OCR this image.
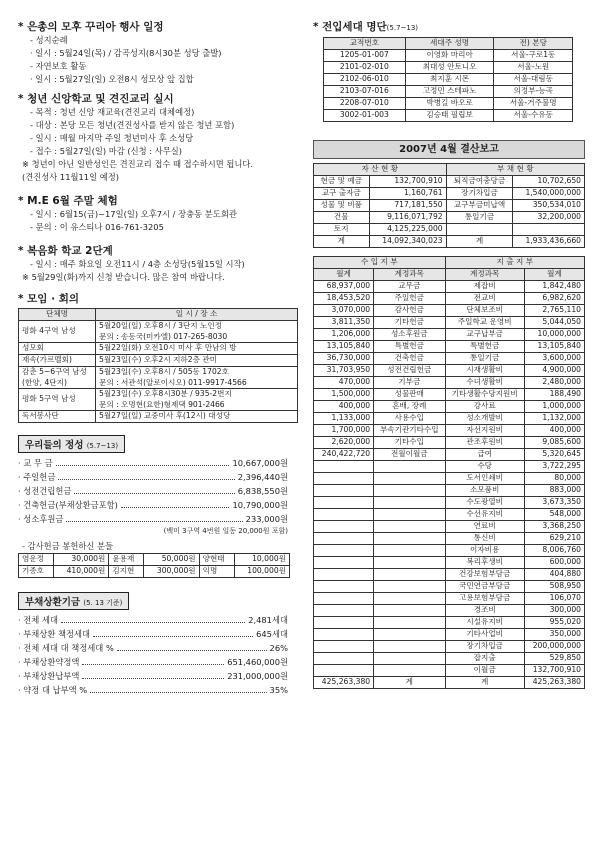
* 은총의 모후 꾸리아 행사 일정
- 성지순례
· 일시 : 5월24일(목) / 감곡성지(8시30분 성당 출발)
- 자연보호 활동
· 일시 : 5월27일(일) 오전8시 성모상 앞 집합
* 청년 신앙학교 및 견진교리 실시
- 목적 : 청년 신앙 재교육(견진교리 대체예정)
- 대상 : 본당 모든 청년(견진성사를 받지 않은 청년 포함)
- 일시 : 매월 마지막 주일 청년미사 후 소성당
- 접수 : 5월27일(일) 마감 (신청 : 사무실)
※ 청년이 아닌 일반성인은 견진교리 접수 때 접수하시면 됩니다.
(견진성사 11월11일 예정)
* M.E 6월 주말 체험
- 일시 : 6월15(금)~17일(일) 오후7시 / 장충동 분도회관
- 문의 : 이 유스티나 016-761-3205
* 복음화 학교 2단계
- 일시 : 매주 화요일 오전11시 / 4층 소성당(5월15일 시작)
※ 5월29일(화)까지 신청 받습니다. 많은 참여 바랍니다.
* 모임 · 회의
단체명	일 시 / 장 소
평화 4구역 남성	5월20일(일) 오후8시 / 3단지 노인정
문의 : 송동국(미카엘) 017-265-8030

성모회	5월22일(화) 오전10시 미사 후 만남의 방
재속(가르멜회)	5월23일(수) 오후2시 지하2층 관미
감춘 5~6구역 남성 (한양, 4단지)	5월23일(수) 오후8시 / 505동 1702호
문의 : 서관석(알로이시오) 011-9917-4566

평화 5구역 남성	5월23일(수) 오후8시30분 / 935-2번지
문의 : 오명현(요한)형제댁 901-2466

독서봉사단	5월27일(일) 교중미사 후(12시) 대성당
우리들의 정성 (5.7~13)
· 교 무 금	10,667,000원
· 주일헌금	2,396,440원
· 성전건립헌금	6,838,550원
· 건축헌금(부채상환금포함)	10,790,000원
· 성소후원금	233,000원
(백미 3구역 4번원 일동 20,000원 포함)
- 감사헌금 봉헌하신 분들
염운정	30,000원	윤용재	50,000원	양현태	10,000원
기종호	410,000원	김지현	300,000원	익명	100,000원
부채상환기금 (5. 13 기준)
· 전체 세대	2,481세대
· 부채상환 책정세대	645세대
· 전체 세대 대 책정세대 %	26%
· 부채상환약정액	651,460,000원
· 부채상환납부액	231,000,000원
· 약정 대 납부액 %	35%
* 전입세대 명단(5.7~13)
교적번호	세대주 성명	전) 본당
1205-01-007	이영화 마리아	서울-구로1동
2101-02-010	최대성 안토니오	서울-노원
2102-06-010	최지훈 시몬	서울-대림동
2103-07-016	고정민 스테파노	의정부-능곡
2208-07-010	박병길 바오로	서울-거주불명
3002-01-003	김승태 필립보	서울-수유동
2007년 4월 결산보고
자 산 현 황		부 채 현 황	
현금 및 예금	132,700,910	퇴직금여충당금	10,702,650
교구 출자금	1,160,761	장기차입금	1,540,000,000
성물 및 비품	717,181,550	교구부금미납액	350,534,010
건물	9,116,071,792	통일기금	32,200,000
토지	4,125,225,000		
계	14,092,340,023	계	1,933,436,660
수 입 지 부		지 출 지 부	
월계	계정과목	계정과목	월계
68,937,000	교무금	제잡비	1,842,480
18,453,520	주일헌금	전교비	6,982,620
3,070,000	감사헌금	단체보조비	2,765,110
3,811,350	기타헌금	주일학교 운영비	5,044,050
1,206,000	성소후원금	교구납부금	10,000,000
13,105,840	특별헌금	특별헌금	13,105,840
36,730,000	건축헌금	통일기금	3,600,000
31,703,950	성전건립헌금	시재생활비	4,900,000
470,000	기부금	수녀생활비	2,480,000
1,500,000	성물판매	기타생활수당지원비	188,490
400,000	혼배, 장례	강사료	1,000,000
1,133,000	사용수입	성소개발비	1,132,000
1,700,000	부속기관기타수입	자선지원비	400,000
2,620,000	기타수입	관조후원비	9,085,600
240,422,720	전월이월금	급여	5,320,645
		수당	3,722,295
		도서인쇄비	80,000
		소모품비	883,000
		수도광열비	3,673,350
		수선유지비	548,000
		연료비	3,368,250
		통신비	629,210
		이자비용	8,006,760
		복리후생비	600,000
		건강보험부담금	404,880
		국민연금부담금	508,950
		고용보험부담금	106,070
		경조비	300,000
		시설유지비	955,020
		기타사업비	350,000
		장기차입금	200,000,000
		잡지출	529,850
		이월금	132,700,910
425,263,380	계	계	425,263,380
